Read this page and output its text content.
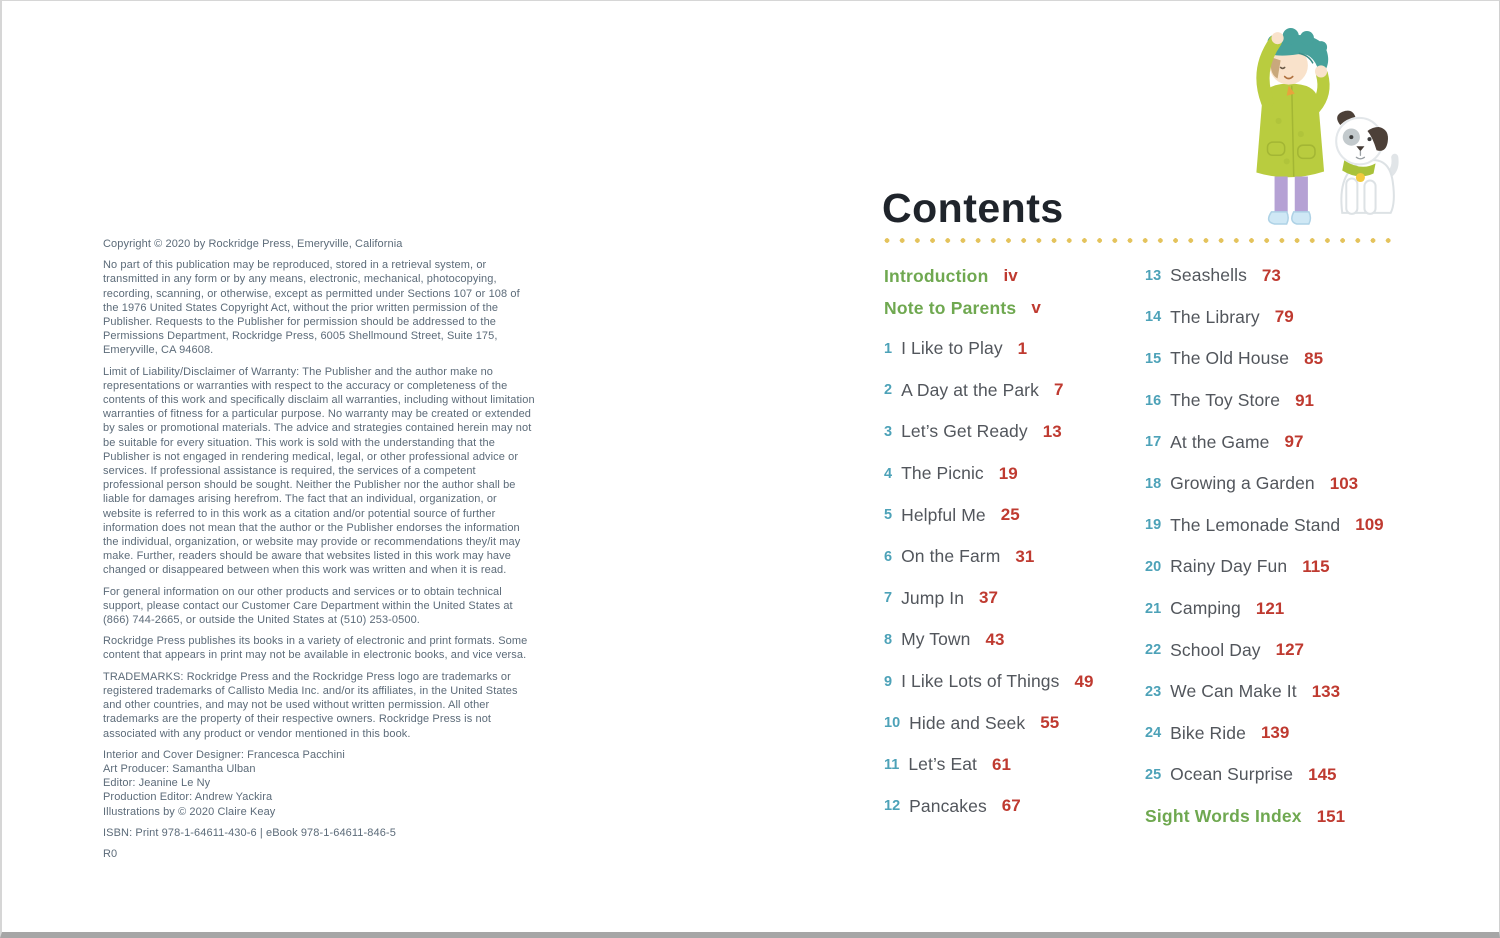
Copyright © 2020 by Rockridge Press, Emeryville, California

No part of this publication may be reproduced, stored in a retrieval system, or transmitted in any form or by any means, electronic, mechanical, photocopying, recording, scanning, or otherwise, except as permitted under Sections 107 or 108 of the 1976 United States Copyright Act, without the prior written permission of the Publisher. Requests to the Publisher for permission should be addressed to the Permissions Department, Rockridge Press, 6005 Shellmound Street, Suite 175, Emeryville, CA 94608.

Limit of Liability/Disclaimer of Warranty: The Publisher and the author make no representations or warranties with respect to the accuracy or completeness of the contents of this work and specifically disclaim all warranties, including without limitation warranties of fitness for a particular purpose. No warranty may be created or extended by sales or promotional materials. The advice and strategies contained herein may not be suitable for every situation. This work is sold with the understanding that the Publisher is not engaged in rendering medical, legal, or other professional advice or services. If professional assistance is required, the services of a competent professional person should be sought. Neither the Publisher nor the author shall be liable for damages arising herefrom. The fact that an individual, organization, or website is referred to in this work as a citation and/or potential source of further information does not mean that the author or the Publisher endorses the information the individual, organization, or website may provide or recommendations they/it may make. Further, readers should be aware that websites listed in this work may have changed or disappeared between when this work was written and when it is read.

For general information on our other products and services or to obtain technical support, please contact our Customer Care Department within the United States at (866) 744-2665, or outside the United States at (510) 253-0500.

Rockridge Press publishes its books in a variety of electronic and print formats. Some content that appears in print may not be available in electronic books, and vice versa.

TRADEMARKS: Rockridge Press and the Rockridge Press logo are trademarks or registered trademarks of Callisto Media Inc. and/or its affiliates, in the United States and other countries, and may not be used without written permission. All other trademarks are the property of their respective owners. Rockridge Press is not associated with any product or vendor mentioned in this book.

Interior and Cover Designer: Francesca Pacchini
Art Producer: Samantha Ulban
Editor: Jeanine Le Ny
Production Editor: Andrew Yackira
Illustrations by © 2020 Claire Keay

ISBN: Print 978-1-64611-430-6 | eBook 978-1-64611-846-5

R0

Contents
Introduction iv
Note to Parents v
1 I Like to Play 1
2 A Day at the Park 7
3 Let’s Get Ready 13
4 The Picnic 19
5 Helpful Me 25
6 On the Farm 31
7 Jump In 37
8 My Town 43
9 I Like Lots of Things 49
10 Hide and Seek 55
11 Let’s Eat 61
12 Pancakes 67
13 Seashells 73
14 The Library 79
15 The Old House 85
16 The Toy Store 91
17 At the Game 97
18 Growing a Garden 103
19 The Lemonade Stand 109
20 Rainy Day Fun 115
21 Camping 121
22 School Day 127
23 We Can Make It 133
24 Bike Ride 139
25 Ocean Surprise 145
Sight Words Index 151
